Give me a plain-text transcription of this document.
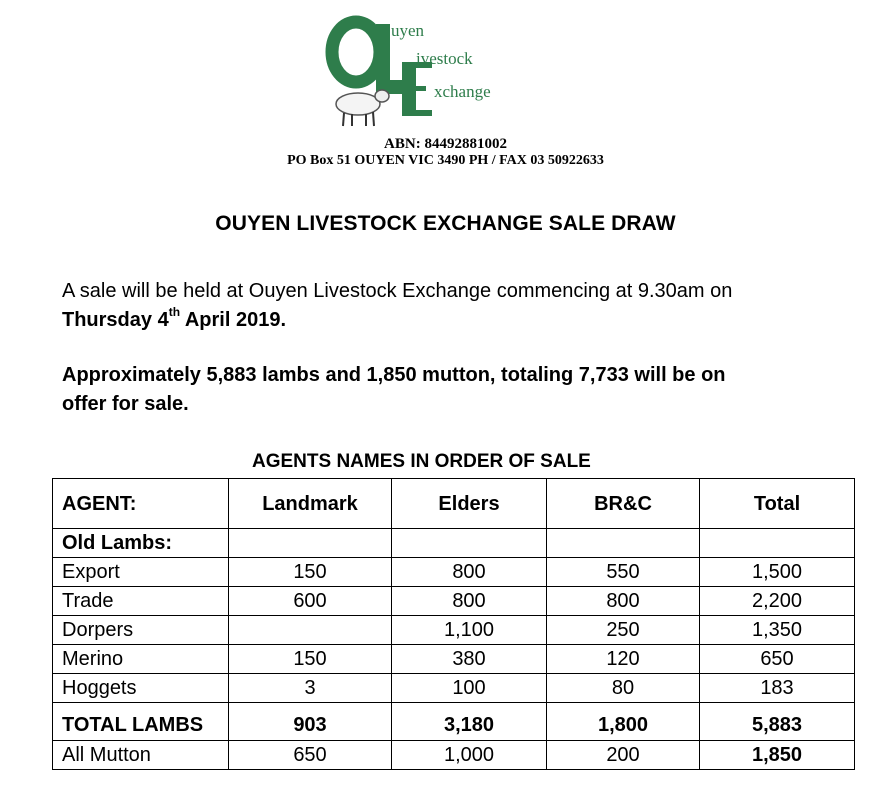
uyen
ivestock
xchange
ABN: 84492881002
PO Box 51 OUYEN VIC 3490 PH / FAX 03 50922633
OUYEN LIVESTOCK EXCHANGE SALE DRAW
A sale will be held at Ouyen Livestock Exchange commencing at 9.30am on
Thursday 4th April 2019.
Approximately 5,883 lambs and 1,850 mutton, totaling 7,733 will be on
offer for sale.
AGENTS NAMES IN ORDER OF SALE
AGENT:	Landmark	Elders	BR&C	Total
Old Lambs:				
Export	150	800	550	1,500
Trade	600	800	800	2,200
Dorpers		1,100	250	1,350
Merino	150	380	120	650
Hoggets	3	100	80	183
TOTAL LAMBS	903	3,180	1,800	5,883
All Mutton	650	1,000	200	1,850
